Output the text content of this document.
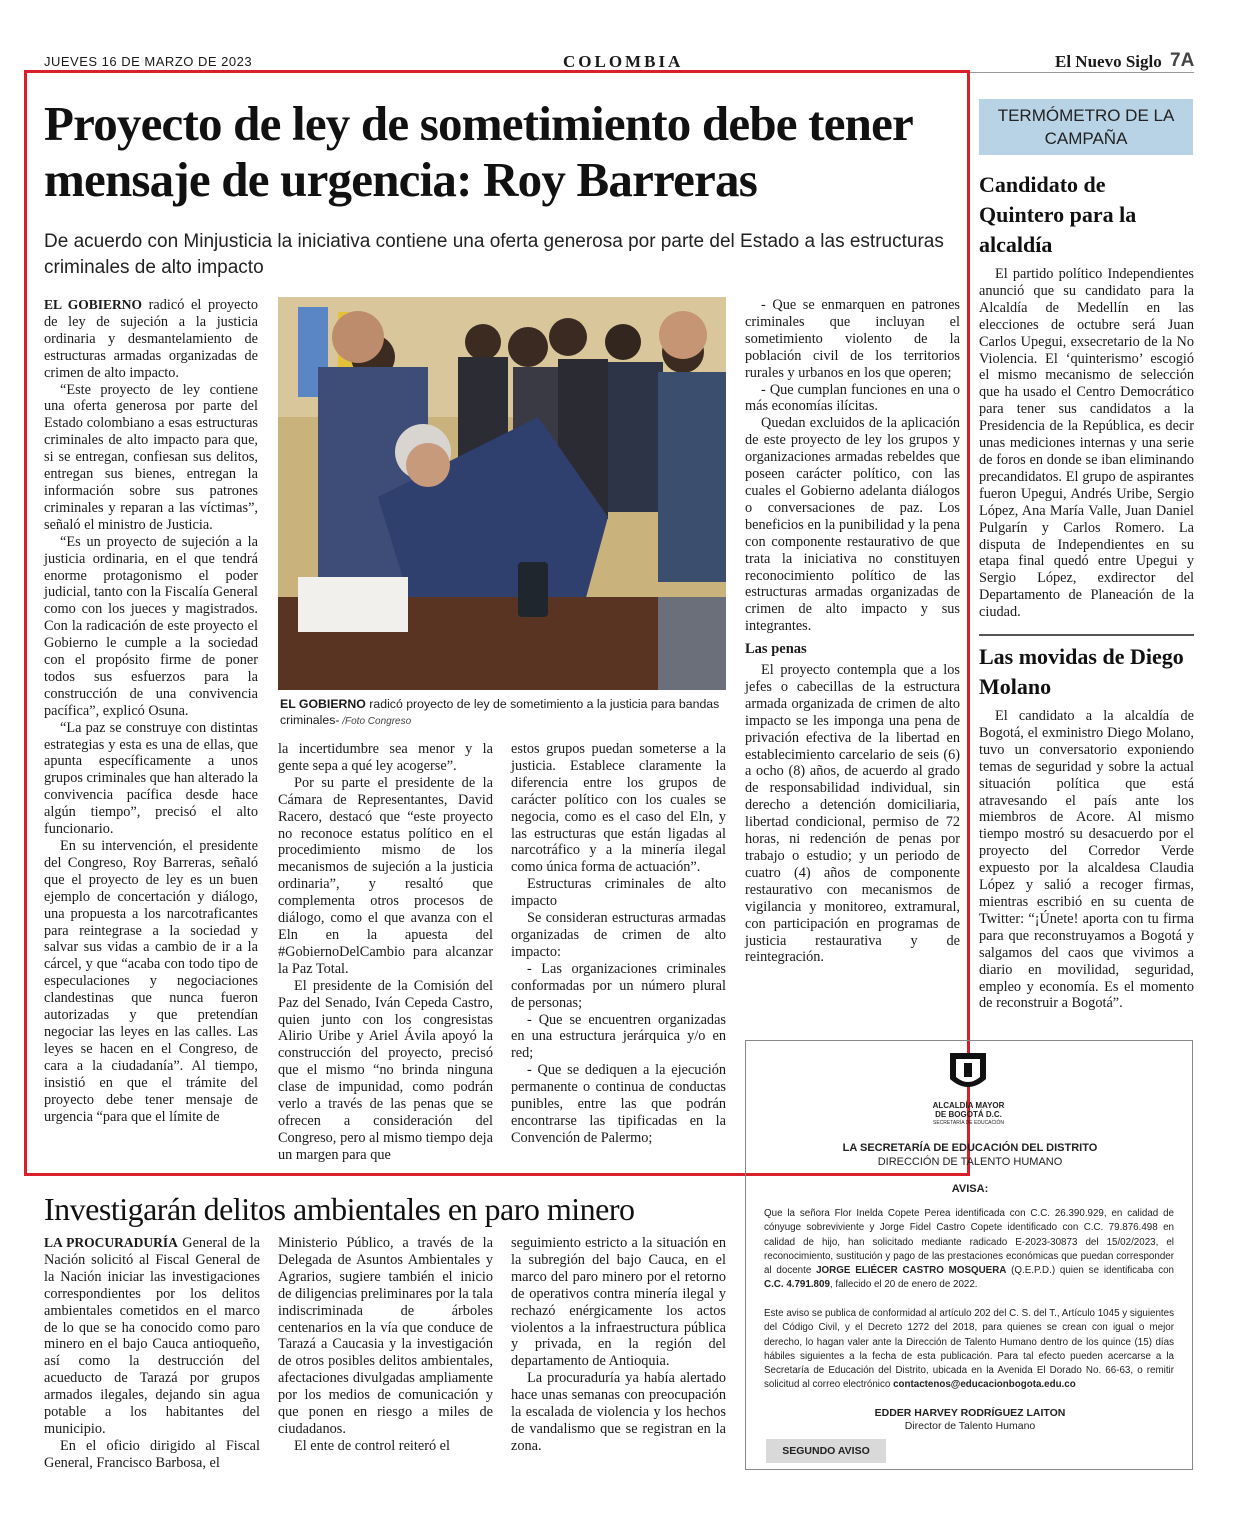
JUEVES 16 DE MARZO DE 2023	COLOMBIA	El Nuevo Siglo 7A
Proyecto de ley de sometimiento debe tener mensaje de urgencia: Roy Barreras
De acuerdo con Minjusticia la iniciativa contiene una oferta generosa por parte del Estado a las estructuras criminales de alto impacto

EL GOBIERNO radicó el proyecto de ley de sujeción a la justicia ordinaria y desmantelamiento de estructuras armadas organizadas de crimen de alto impacto.

“Este proyecto de ley contiene una oferta generosa por parte del Estado colombiano a esas estructuras criminales de alto impacto para que, si se entregan, confiesan sus delitos, entregan sus bienes, entregan la información sobre sus patrones criminales y reparan a las víctimas”, señaló el ministro de Justicia.

“Es un proyecto de sujeción a la justicia ordinaria, en el que tendrá enorme protagonismo el poder judicial, tanto con la Fiscalía General como con los jueces y magistrados. Con la radicación de este proyecto el Gobierno le cumple a la sociedad con el propósito firme de poner todos sus esfuerzos para la construcción de una convivencia pacífica”, explicó Osuna.

“La paz se construye con distintas estrategias y esta es una de ellas, que apunta específicamente a unos grupos criminales que han alterado la convivencia pacífica desde hace algún tiempo”, precisó el alto funcionario.

En su intervención, el presidente del Congreso, Roy Barreras, señaló que el proyecto de ley es un buen ejemplo de concertación y diálogo, una propuesta a los narcotraficantes para reintegrase a la sociedad y salvar sus vidas a cambio de ir a la cárcel, y que “acaba con todo tipo de especulaciones y negociaciones clandestinas que nunca fueron autorizadas y que pretendían negociar las leyes en las calles. Las leyes se hacen en el Congreso, de cara a la ciudadanía”. Al tiempo, insistió en que el trámite del proyecto debe tener mensaje de urgencia “para que el límite de

EL GOBIERNO radicó proyecto de ley de sometimiento a la justicia para bandas criminales- /Foto Congreso

la incertidumbre sea menor y la gente sepa a qué ley acogerse”.

Por su parte el presidente de la Cámara de Representantes, David Racero, destacó que “este proyecto no reconoce estatus político en el procedimiento mismo de los mecanismos de sujeción a la justicia ordinaria”, y resaltó que complementa otros procesos de diálogo, como el que avanza con el Eln en la apuesta del #GobiernoDelCambio para alcanzar la Paz Total.

El presidente de la Comisión del Paz del Senado, Iván Cepeda Castro, quien junto con los congresistas Alirio Uribe y Ariel Ávila apoyó la construcción del proyecto, precisó que el mismo “no brinda ninguna clase de impunidad, como podrán verlo a través de las penas que se ofrecen a consideración del Congreso, pero al mismo tiempo deja un margen para que

estos grupos puedan someterse a la justicia. Establece claramente la diferencia entre los grupos de carácter político con los cuales se negocia, como es el caso del Eln, y las estructuras que están ligadas al narcotráfico y a la minería ilegal como única forma de actuación”.

Estructuras criminales de alto impacto

Se consideran estructuras armadas organizadas de crimen de alto impacto:

- Las organizaciones criminales conformadas por un número plural de personas;

- Que se encuentren organizadas en una estructura jerárquica y/o en red;

- Que se dediquen a la ejecución permanente o continua de conductas punibles, entre las que podrán encontrarse las tipificadas en la Convención de Palermo;

- Que se enmarquen en patrones criminales que incluyan el sometimiento violento de la población civil de los territorios rurales y urbanos en los que operen;

- Que cumplan funciones en una o más economías ilícitas.

Quedan excluidos de la aplicación de este proyecto de ley los grupos y organizaciones armadas rebeldes que poseen carácter político, con las cuales el Gobierno adelanta diálogos o conversaciones de paz. Los beneficios en la punibilidad y la pena con componente restaurativo de que trata la iniciativa no constituyen reconocimiento político de las estructuras armadas organizadas de crimen de alto impacto y sus integrantes.

Las penas

El proyecto contempla que a los jefes o cabecillas de la estructura armada organizada de crimen de alto impacto se les imponga una pena de privación efectiva de la libertad en establecimiento carcelario de seis (6) a ocho (8) años, de acuerdo al grado de responsabilidad individual, sin derecho a detención domiciliaria, libertad condicional, permiso de 72 horas, ni redención de penas por trabajo o estudio; y un periodo de cuatro (4) años de componente restaurativo con mecanismos de vigilancia y monitoreo, extramural, con participación en programas de justicia restaurativa y de reintegración.

TERMÓMETRO DE LA CAMPAÑA
Candidato de Quintero para la alcaldía

El partido político Independientes anunció que su candidato para la Alcaldía de Medellín en las elecciones de octubre será Juan Carlos Upegui, exsecretario de la No Violencia. El ‘quinterismo’ escogió el mismo mecanismo de selección que ha usado el Centro Democrático para tener sus candidatos a la Presidencia de la República, es decir unas mediciones internas y una serie de foros en donde se iban eliminando precandidatos. El grupo de aspirantes fueron Upegui, Andrés Uribe, Sergio López, Ana María Valle, Juan Daniel Pulgarín y Carlos Romero. La disputa de Independientes en su etapa final quedó entre Upegui y Sergio López, exdirector del Departamento de Planeación de la ciudad.

Las movidas de Diego Molano

El candidato a la alcaldía de Bogotá, el exministro Diego Molano, tuvo un conversatorio exponiendo temas de seguridad y sobre la actual situación política que está atravesando el país ante los miembros de Acore. Al mismo tiempo mostró su desacuerdo por el proyecto del Corredor Verde expuesto por la alcaldesa Claudia López y salió a recoger firmas, mientras escribió en su cuenta de Twitter: “¡Únete! aporta con tu firma para que reconstruyamos a Bogotá y salgamos del caos que vivimos a diario en movilidad, seguridad, empleo y economía. Es el momento de reconstruir a Bogotá”.

ALCALDÍA MAYOR
DE BOGOTÁ D.C.
SECRETARÍA DE EDUCACIÓN
LA SECRETARÍA DE EDUCACIÓN DEL DISTRITO
DIRECCIÓN DE TALENTO HUMANO
AVISA:
Que la señora Flor Inelda Copete Perea identificada con C.C. 26.390.929, en calidad de cónyuge sobreviviente y Jorge Fidel Castro Copete identificado con C.C. 79.876.498 en calidad de hijo, han solicitado mediante radicado E-2023-30873 del 15/02/2023, el reconocimiento, sustitución y pago de las prestaciones económicas que puedan corresponder al docente JORGE ELIÉCER CASTRO MOSQUERA (Q.E.P.D.) quien se identificaba con C.C. 4.791.809, fallecido el 20 de enero de 2022.
Este aviso se publica de conformidad al artículo 202 del C. S. del T., Artículo 1045 y siguientes del Código Civil, y el Decreto 1272 del 2018, para quienes se crean con igual o mejor derecho, lo hagan valer ante la Dirección de Talento Humano dentro de los quince (15) días hábiles siguientes a la fecha de esta publicación. Para tal efecto pueden acercarse a la Secretaría de Educación del Distrito, ubicada en la Avenida El Dorado No. 66-63, o remitir solicitud al correo electrónico contactenos@educacionbogota.edu.co
EDDER HARVEY RODRÍGUEZ LAITON
Director de Talento Humano
SEGUNDO AVISO
Investigarán delitos ambientales en paro minero

LA PROCURADURÍA General de la Nación solicitó al Fiscal General de la Nación iniciar las investigaciones correspondientes por los delitos ambientales cometidos en el marco de lo que se ha conocido como paro minero en el bajo Cauca antioqueño, así como la destrucción del acueducto de Tarazá por grupos armados ilegales, dejando sin agua potable a los habitantes del municipio.

En el oficio dirigido al Fiscal General, Francisco Barbosa, el

Ministerio Público, a través de la Delegada de Asuntos Ambientales y Agrarios, sugiere también el inicio de diligencias preliminares por la tala indiscriminada de árboles centenarios en la vía que conduce de Tarazá a Caucasia y la investigación de otros posibles delitos ambientales, afectaciones divulgadas ampliamente por los medios de comunicación y que ponen en riesgo a miles de ciudadanos.

El ente de control reiteró el

seguimiento estricto a la situación en la subregión del bajo Cauca, en el marco del paro minero por el retorno de operativos contra minería ilegal y rechazó enérgicamente los actos violentos a la infraestructura pública y privada, en la región del departamento de Antioquia.

La procuraduría ya había alertado hace unas semanas con preocupación la escalada de violencia y los hechos de vandalismo que se registran en la zona.
